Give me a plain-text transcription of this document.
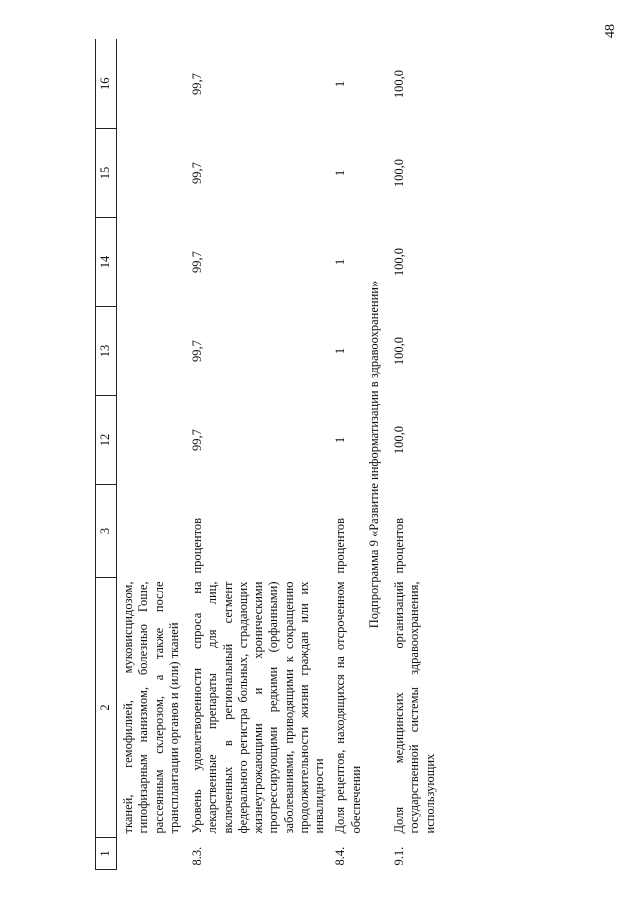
48
1	2	3	12	13	14	15	16
	тканей, гемофилией, муковисцидозом, гипофизарным нанизмом, болезнью Гоше, рассеянным склерозом, а также после трансплантации органов и (или) тканей						
8.3.	Уровень удовлетворенности спроса на лекарственные препараты для лиц, включенных в региональный сегмент федерального регистра больных, страдающих жизнеугрожающими и хроническими прогрессирующими редкими (орфанными) заболеваниями, приводящими к сокращению продолжительности жизни граждан или их инвалидности	процентов	99,7	99,7	99,7	99,7	99,7
8.4.	Доля рецептов, находящихся на отсроченном обеспечении	процентов	1	1	1	1	1
Подпрограмма 9 «Развитие информатизации в здравоохранении»							
9.1.	Доля медицинских организаций государственной системы здравоохранения, использующих	процентов	100,0	100,0	100,0	100,0	100,0
